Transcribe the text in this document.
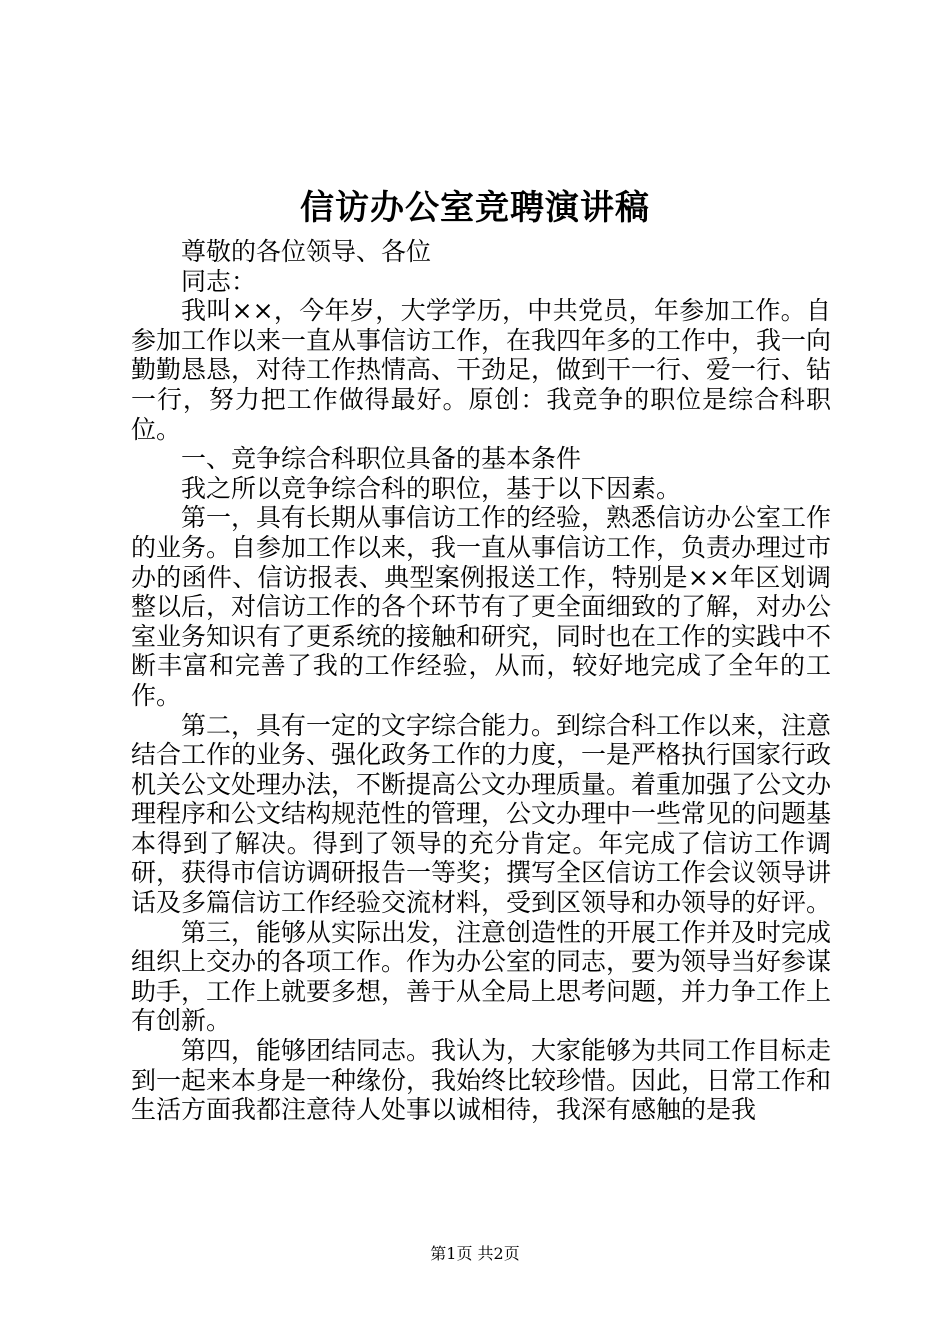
信访办公室竞聘演讲稿

尊敬的各位领导、各位

同志：

我叫××，今年岁，大学学历，中共党员，年参加工作。自参加工作以来一直从事信访工作，在我四年多的工作中，我一向勤勤恳恳，对待工作热情高、干劲足，做到干一行、爱一行、钻一行，努力把工作做得最好。原创：我竞争的职位是综合科职位。

一、竞争综合科职位具备的基本条件

我之所以竞争综合科的职位，基于以下因素。

第一，具有长期从事信访工作的经验，熟悉信访办公室工作的业务。自参加工作以来，我一直从事信访工作，负责办理过市办的函件、信访报表、典型案例报送工作，特别是××年区划调整以后，对信访工作的各个环节有了更全面细致的了解，对办公室业务知识有了更系统的接触和研究，同时也在工作的实践中不断丰富和完善了我的工作经验，从而，较好地完成了全年的工作。

第二，具有一定的文字综合能力。到综合科工作以来，注意结合工作的业务、强化政务工作的力度，一是严格执行国家行政机关公文处理办法，不断提高公文办理质量。着重加强了公文办理程序和公文结构规范性的管理，公文办理中一些常见的问题基本得到了解决。得到了领导的充分肯定。年完成了信访工作调研，获得市信访调研报告一等奖；撰写全区信访工作会议领导讲话及多篇信访工作经验交流材料，受到区领导和办领导的好评。

第三，能够从实际出发，注意创造性的开展工作并及时完成组织上交办的各项工作。作为办公室的同志，要为领导当好参谋助手，工作上就要多想，善于从全局上思考问题，并力争工作上有创新。

第四，能够团结同志。我认为，大家能够为共同工作目标走到一起来本身是一种缘份，我始终比较珍惜。因此，日常工作和生活方面我都注意待人处事以诚相待，我深有感触的是我

第1页 共2页
